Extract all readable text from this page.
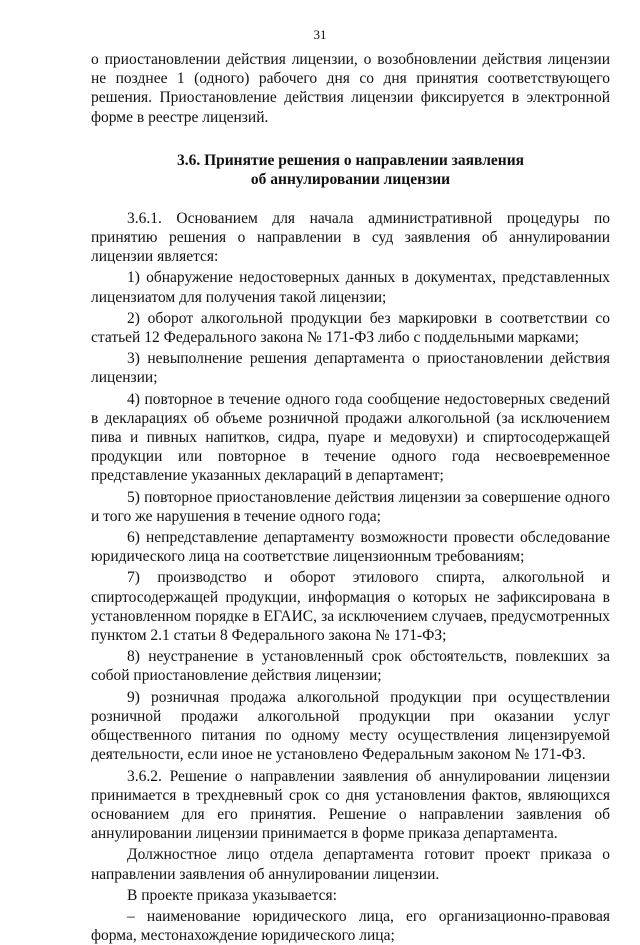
31

о приостановлении действия лицензии, о возобновлении действия лицензии не позднее 1 (одного) рабочего дня со дня принятия соответствующего решения. Приостановление действия лицензии фиксируется в электронной форме в реестре лицензий.

3.6. Принятие решения о направлении заявления
об аннулировании лицензии

3.6.1. Основанием для начала административной процедуры по принятию решения о направлении в суд заявления об аннулировании лицензии является:

1) обнаружение недостоверных данных в документах, представленных лицензиатом для получения такой лицензии;

2) оборот алкогольной продукции без маркировки в соответствии со статьей 12 Федерального закона № 171-ФЗ либо с поддельными марками;

3) невыполнение решения департамента о приостановлении действия лицензии;

4) повторное в течение одного года сообщение недостоверных сведений в декларациях об объеме розничной продажи алкогольной (за исключением пива и пивных напитков, сидра, пуаре и медовухи) и спиртосодержащей продукции или повторное в течение одного года несвоевременное представление указанных деклараций в департамент;

5) повторное приостановление действия лицензии за совершение одного и того же нарушения в течение одного года;

6) непредставление департаменту возможности провести обследование юридического лица на соответствие лицензионным требованиям;

7) производство и оборот этилового спирта, алкогольной и спиртосодержащей продукции, информация о которых не зафиксирована в установленном порядке в ЕГАИС, за исключением случаев, предусмотренных пунктом 2.1 статьи 8 Федерального закона № 171-ФЗ;

8) неустранение в установленный срок обстоятельств, повлекших за собой приостановление действия лицензии;

9) розничная продажа алкогольной продукции при осуществлении розничной продажи алкогольной продукции при оказании услуг общественного питания по одному месту осуществления лицензируемой деятельности, если иное не установлено Федеральным законом № 171-ФЗ.

3.6.2. Решение о направлении заявления об аннулировании лицензии принимается в трехдневный срок со дня установления фактов, являющихся основанием для его принятия. Решение о направлении заявления об аннулировании лицензии принимается в форме приказа департамента.

Должностное лицо отдела департамента готовит проект приказа о направлении заявления об аннулировании лицензии.

В проекте приказа указывается:

– наименование юридического лица, его организационно-правовая форма, местонахождение юридического лица;
